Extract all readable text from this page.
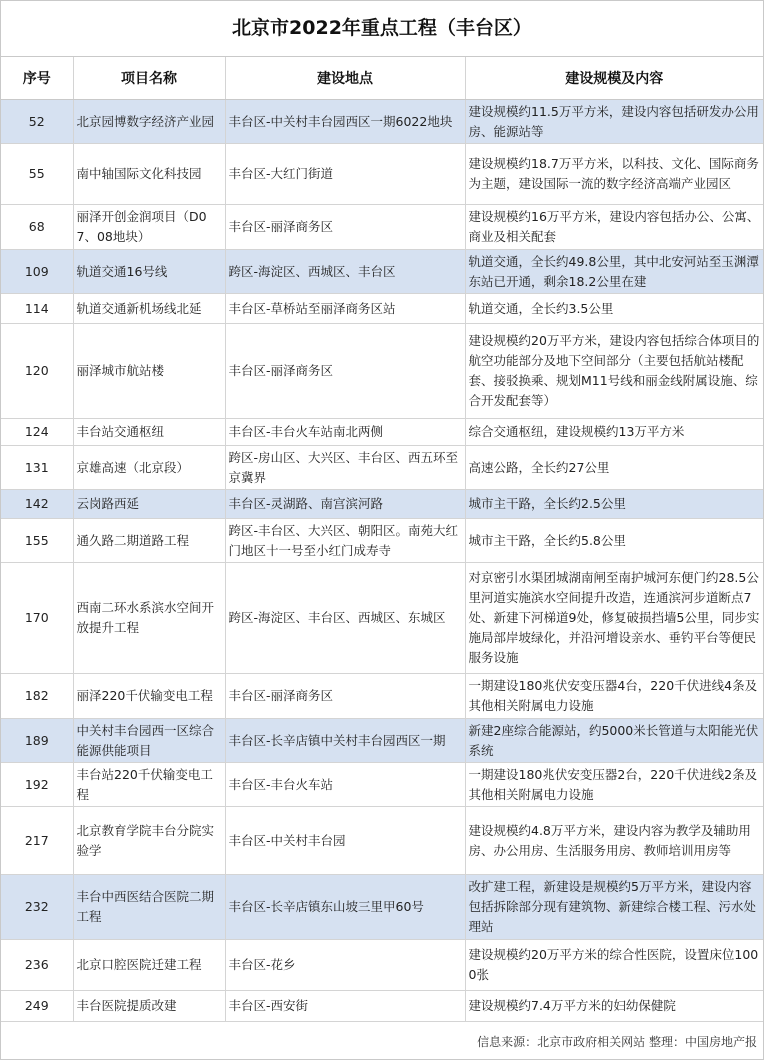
北京市2022年重点工程（丰台区）
序号	项目名称	建设地点	建设规模及内容
52	北京园博数字经济产业园	丰台区-中关村丰台园西区一期6022地块	建设规模约11.5万平方米，建设内容包括研发办公用房、能源站等
55	南中轴国际文化科技园	丰台区-大红门街道	建设规模约18.7万平方米，以科技、文化、国际商务为主题，建设国际一流的数字经济高端产业园区
68	丽泽开创金润项目（D07、08地块）	丰台区-丽泽商务区	建设规模约16万平方米，建设内容包括办公、公寓、商业及相关配套
109	轨道交通16号线	跨区-海淀区、西城区、丰台区	轨道交通，全长约49.8公里，其中北安河站至玉渊潭东站已开通，剩余18.2公里在建
114	轨道交通新机场线北延	丰台区-草桥站至丽泽商务区站	轨道交通，全长约3.5公里
120	丽泽城市航站楼	丰台区-丽泽商务区	建设规模约20万平方米，建设内容包括综合体项目的航空功能部分及地下空间部分（主要包括航站楼配套、接驳换乘、规划M11号线和丽金线附属设施、综合开发配套等）
124	丰台站交通枢纽	丰台区-丰台火车站南北两侧	综合交通枢纽，建设规模约13万平方米
131	京雄高速（北京段）	跨区-房山区、大兴区、丰台区、西五环至京冀界	高速公路，全长约27公里
142	云岗路西延	丰台区-灵湖路、南宫滨河路	城市主干路，全长约2.5公里
155	通久路二期道路工程	跨区-丰台区、大兴区、朝阳区。南苑大红门地区十一号至小红门成寿寺	城市主干路，全长约5.8公里
170	西南二环水系滨水空间开放提升工程	跨区-海淀区、丰台区、西城区、东城区	对京密引水渠团城湖南闸至南护城河东便门约28.5公里河道实施滨水空间提升改造，连通滨河步道断点7处、新建下河梯道9处，修复破损挡墙5公里，同步实施局部岸坡绿化，并沿河增设亲水、垂钓平台等便民服务设施
182	丽泽220千伏输变电工程	丰台区-丽泽商务区	一期建设180兆伏安变压器4台，220千伏进线4条及其他相关附属电力设施
189	中关村丰台园西一区综合能源供能项目	丰台区-长辛店镇中关村丰台园西区一期	新建2座综合能源站，约5000米长管道与太阳能光伏系统
192	丰台站220千伏输变电工程	丰台区-丰台火车站	一期建设180兆伏安变压器2台，220千伏进线2条及其他相关附属电力设施
217	北京教育学院丰台分院实验学	丰台区-中关村丰台园	建设规模约4.8万平方米，建设内容为教学及辅助用房、办公用房、生活服务用房、教师培训用房等
232	丰台中西医结合医院二期工程	丰台区-长辛店镇东山坡三里甲60号	改扩建工程，新建设是规模约5万平方米，建设内容包括拆除部分现有建筑物、新建综合楼工程、污水处理站
236	北京口腔医院迁建工程	丰台区-花乡	建设规模约20万平方米的综合性医院，设置床位1000张
249	丰台医院提质改建	丰台区-西安街	建设规模约7.4万平方米的妇幼保健院
信息来源：北京市政府相关网站 整理：中国房地产报
